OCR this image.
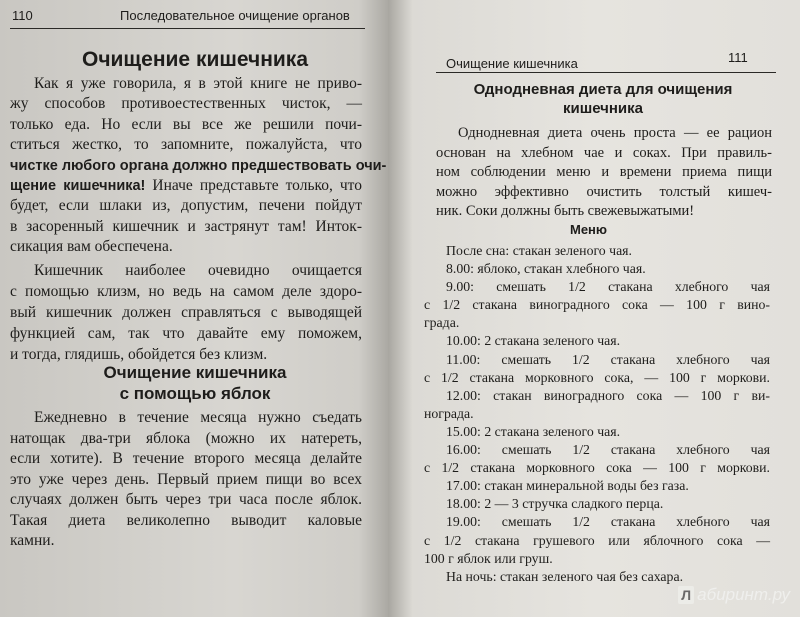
110	Последовательное очищение органов
Очищение кишечника
Как я уже говорила, я в этой книге не приво-
жу способов противоестественных чисток, —
только еда. Но если вы все же решили почи-
ститься жестко, то запомните, пожалуйста, что
чистке любого органа должно предшествовать очи-
щение кишечника! Иначе представьте только, что
будет, если шлаки из, допустим, печени пойдут
в засоренный кишечник и застрянут там! Инток-
сикация вам обеспечена.
Кишечник наиболее очевидно очищается
с помощью клизм, но ведь на самом деле здоро-
вый кишечник должен справляться с выводящей
функцией сам, так что давайте ему поможем,
и тогда, глядишь, обойдется без клизм.
Очищение кишечника
с помощью яблок
Ежедневно в течение месяца нужно съедать
натощак два-три яблока (можно их натереть,
если хотите). В течение второго месяца делайте
это уже через день. Первый прием пищи во всех
случаях должен быть через три часа после яблок.
Такая диета великолепно выводит каловые
камни.
Очищение кишечника	111
Однодневная диета для очищения
кишечника
Однодневная диета очень проста — ее рацион
основан на хлебном чае и соках. При правиль-
ном соблюдении меню и времени приема пищи
можно эффективно очистить толстый кишеч-
ник. Соки должны быть свежевыжатыми!
Меню
После сна: стакан зеленого чая.
8.00: яблоко, стакан хлебного чая.
9.00: смешать 1/2 стакана хлебного чая
с 1/2 стакана виноградного сока — 100 г вино-
града.
10.00: 2 стакана зеленого чая.
11.00: смешать 1/2 стакана хлебного чая
с 1/2 стакана морковного сока, — 100 г моркови.
12.00: стакан виноградного сока — 100 г ви-
нограда.
15.00: 2 стакана зеленого чая.
16.00: смешать 1/2 стакана хлебного чая
с 1/2 стакана морковного сока — 100 г моркови.
17.00: стакан минеральной воды без газа.
18.00: 2 — 3 стручка сладкого перца.
19.00: смешать 1/2 стакана хлебного чая
с 1/2 стакана грушевого или яблочного сока —
100 г яблок или груш.
На ночь: стакан зеленого чая без сахара.
Л абиринт.ру
